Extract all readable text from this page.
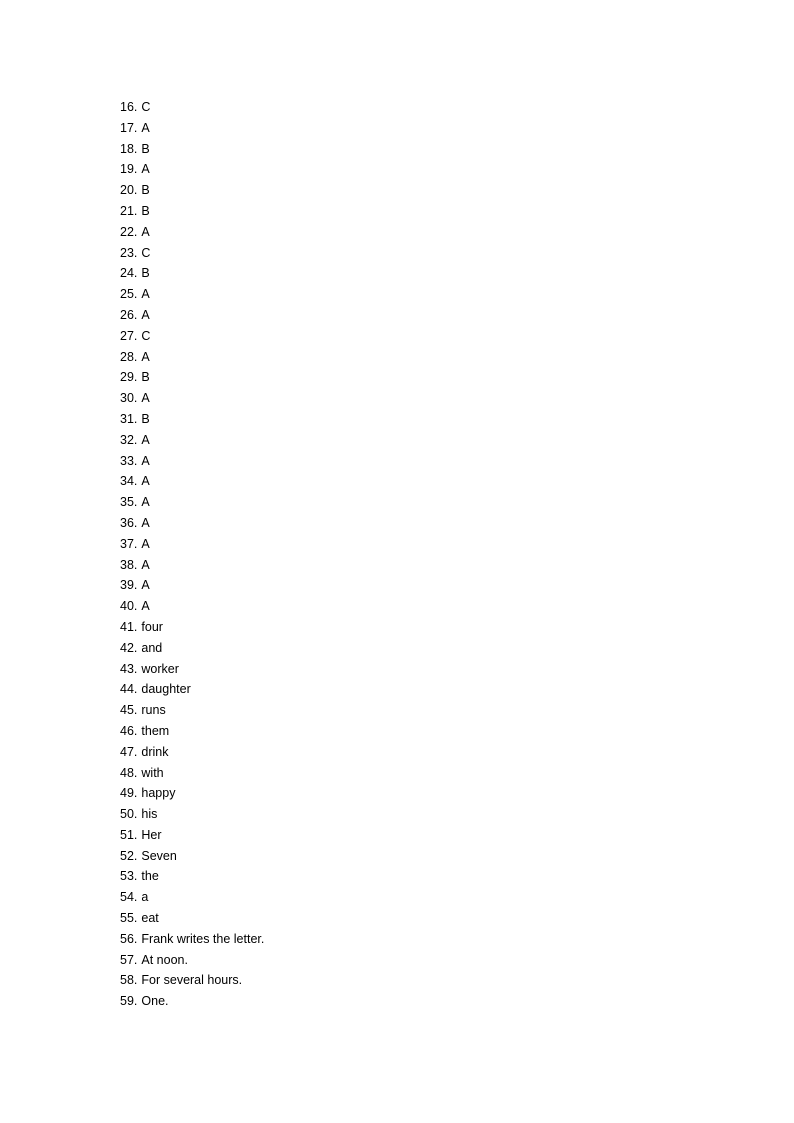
16. C
17. A
18. B
19. A
20. B
21. B
22. A
23. C
24. B
25. A
26. A
27. C
28. A
29. B
30. A
31. B
32. A
33. A
34. A
35. A
36. A
37. A
38. A
39. A
40. A
41. four
42. and
43. worker
44. daughter
45. runs
46. them
47. drink
48. with
49. happy
50. his
51. Her
52. Seven
53. the
54. a
55. eat
56. Frank writes the letter.
57. At noon.
58. For several hours.
59. One.
